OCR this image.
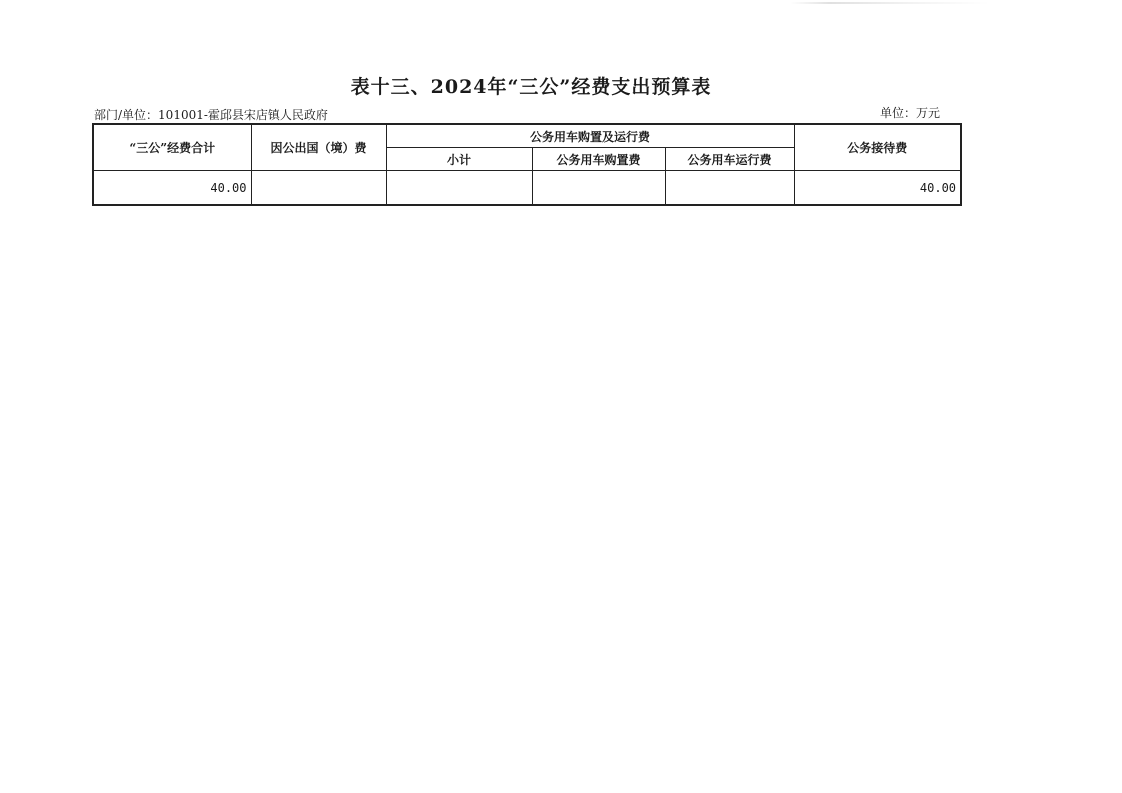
表十三、2024年“三公”经费支出预算表
部门/单位：101001-霍邱县宋店镇人民政府	单位：万元
“三公”经费合计	因公出国（境）费	公务用车购置及运行费			公务接待费
		小计	公务用车购置费	公务用车运行费	
40.00					40.00
